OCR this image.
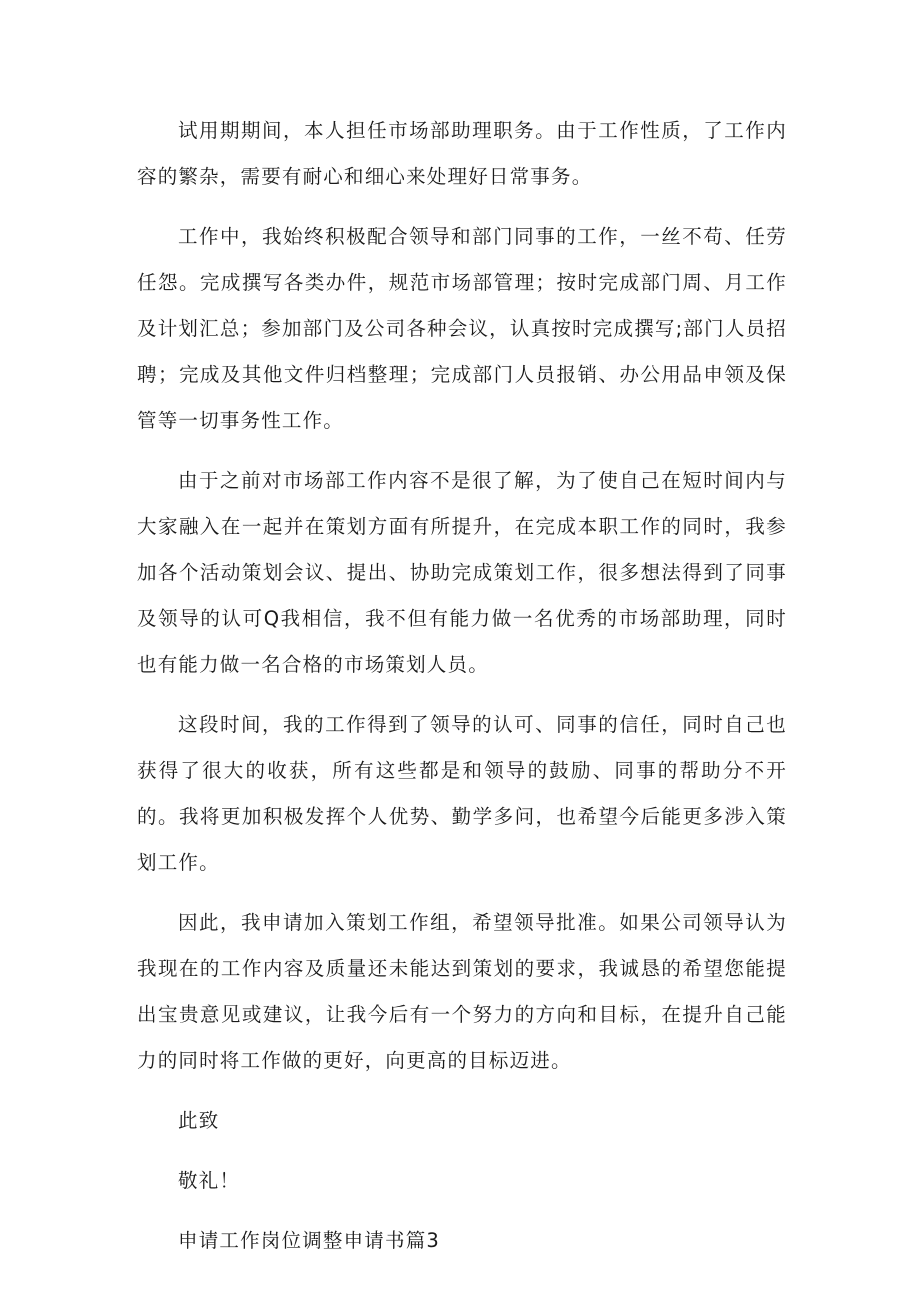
试用期期间，本人担任市场部助理职务。由于工作性质，了工作内容的繁杂，需要有耐心和细心来处理好日常事务。

工作中，我始终积极配合领导和部门同事的工作，一丝不苟、任劳任怨。完成撰写各类办件，规范市场部管理；按时完成部门周、月工作及计划汇总；参加部门及公司各种会议，认真按时完成撰写;部门人员招聘；完成及其他文件归档整理；完成部门人员报销、办公用品申领及保管等一切事务性工作。

由于之前对市场部工作内容不是很了解，为了使自己在短时间内与大家融入在一起并在策划方面有所提升，在完成本职工作的同时，我参加各个活动策划会议、提出、协助完成策划工作，很多想法得到了同事及领导的认可Q我相信，我不但有能力做一名优秀的市场部助理，同时也有能力做一名合格的市场策划人员。

这段时间，我的工作得到了领导的认可、同事的信任，同时自己也获得了很大的收获，所有这些都是和领导的鼓励、同事的帮助分不开的。我将更加积极发挥个人优势、勤学多问，也希望今后能更多涉入策划工作。

因此，我申请加入策划工作组，希望领导批准。如果公司领导认为我现在的工作内容及质量还未能达到策划的要求，我诚恳的希望您能提出宝贵意见或建议，让我今后有一个努力的方向和目标，在提升自己能力的同时将工作做的更好，向更高的目标迈进。

此致

敬礼！

申请工作岗位调整申请书篇3
